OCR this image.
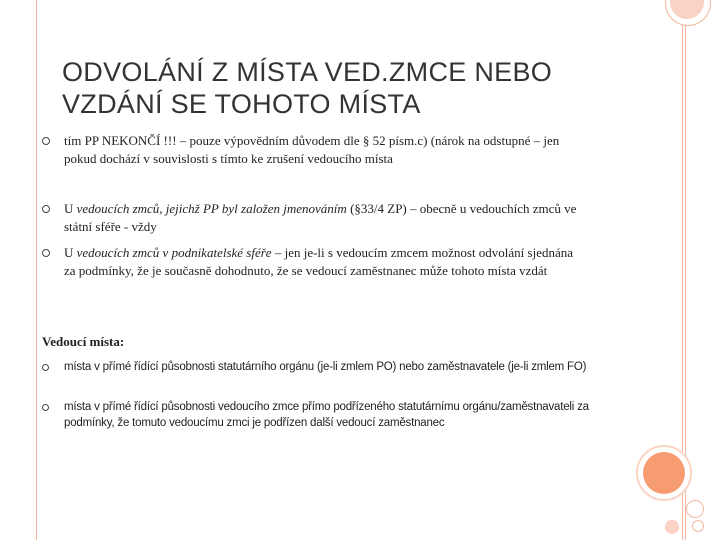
ODVOLÁNÍ Z MÍSTA VED.ZMCE NEBO
VZDÁNÍ SE TOHOTO MÍSTA
tím PP NEKONČÍ !!! – pouze výpovědním důvodem dle § 52 písm.c) (nárok na odstupné – jen pokud dochází v souvislosti s tímto ke zrušení vedoucího místa
U vedoucích zmců, jejichž PP byl založen jmenováním (§33/4 ZP) – obecně u vedouchích zmců ve státní sféře - vždy
U vedoucích zmců v podnikatelské sféře – jen je-li s vedoucím zmcem možnost odvolání sjednána za podmínky, že je současně dohodnuto, že se vedoucí zaměstnanec může tohoto místa vzdát
Vedoucí místa:
místa v přímé řídící působnosti statutárního orgánu (je-li zmlem PO) nebo zaměstnavatele (je-li zmlem FO)
místa v přímé řídící působnosti vedoucího zmce přímo podřízeného statutárnímu orgánu/zaměstnavateli za podmínky, že tomuto vedoucímu zmci je podřízen další vedoucí zaměstnanec
